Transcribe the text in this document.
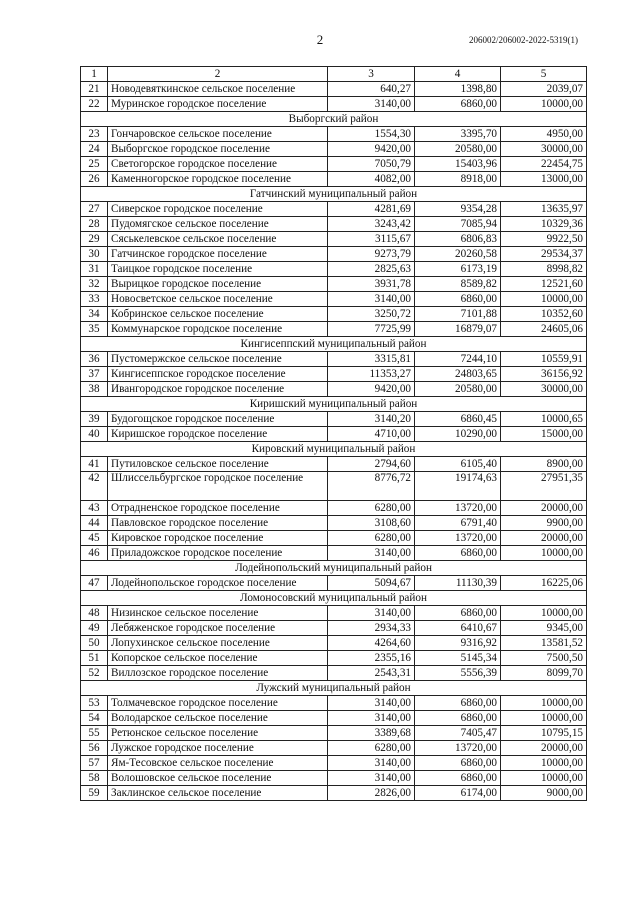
2	206002/206002-2022-5319(1)
1	2	3	4	5
21	Новодевяткинское сельское поселение	640,27	1398,80	2039,07
22	Муринское городское поселение	3140,00	6860,00	10000,00
Выборгский район				
23	Гончаровское сельское поселение	1554,30	3395,70	4950,00
24	Выборгское городское поселение	9420,00	20580,00	30000,00
25	Светогорское городское поселение	7050,79	15403,96	22454,75
26	Каменногорское городское поселение	4082,00	8918,00	13000,00
Гатчинский муниципальный район				
27	Сиверское городское поселение	4281,69	9354,28	13635,97
28	Пудомягское сельское поселение	3243,42	7085,94	10329,36
29	Сяськелевское сельское поселение	3115,67	6806,83	9922,50
30	Гатчинское городское поселение	9273,79	20260,58	29534,37
31	Таицкое городское поселение	2825,63	6173,19	8998,82
32	Вырицкое городское поселение	3931,78	8589,82	12521,60
33	Новосветское сельское поселение	3140,00	6860,00	10000,00
34	Кобринское сельское поселение	3250,72	7101,88	10352,60
35	Коммунарское городское поселение	7725,99	16879,07	24605,06
Кингисеппский муниципальный район				
36	Пустомержское сельское поселение	3315,81	7244,10	10559,91
37	Кингисеппское городское поселение	11353,27	24803,65	36156,92
38	Ивангородское городское поселение	9420,00	20580,00	30000,00
Киришский муниципальный район				
39	Будогощское городское поселение	3140,20	6860,45	10000,65
40	Киришское городское поселение	4710,00	10290,00	15000,00
Кировский муниципальный район				
41	Путиловское сельское поселение	2794,60	6105,40	8900,00
42	Шлиссельбургское городское поселение	8776,72	19174,63	27951,35
43	Отрадненское городское поселение	6280,00	13720,00	20000,00
44	Павловское городское поселение	3108,60	6791,40	9900,00
45	Кировское городское поселение	6280,00	13720,00	20000,00
46	Приладожское городское поселение	3140,00	6860,00	10000,00
Лодейнопольский муниципальный район				
47	Лодейнопольское городское поселение	5094,67	11130,39	16225,06
Ломоносовский муниципальный район				
48	Низинское сельское поселение	3140,00	6860,00	10000,00
49	Лебяженское городское поселение	2934,33	6410,67	9345,00
50	Лопухинское сельское поселение	4264,60	9316,92	13581,52
51	Копорское сельское поселение	2355,16	5145,34	7500,50
52	Виллозское городское поселение	2543,31	5556,39	8099,70
Лужский муниципальный район				
53	Толмачевское городское поселение	3140,00	6860,00	10000,00
54	Володарское сельское поселение	3140,00	6860,00	10000,00
55	Ретюнское сельское поселение	3389,68	7405,47	10795,15
56	Лужское городское поселение	6280,00	13720,00	20000,00
57	Ям-Тесовское сельское поселение	3140,00	6860,00	10000,00
58	Волошовское сельское поселение	3140,00	6860,00	10000,00
59	Заклинское сельское поселение	2826,00	6174,00	9000,00
